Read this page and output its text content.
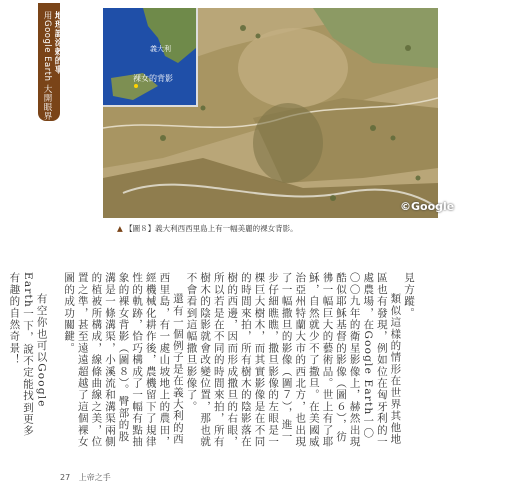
地理謎涂敕的事：
用Google Earth 大開眼界	義大利
裸女的背影
©Google
▲ 【圖８】義大利西西里島上有一幅美麗的裸女背影。

見方蹤。

類似這樣的情形在世界其他地區也有發現，例如位在匈牙利的一處農場，在Google Earth一〇〇〇九年的衛星影像上，赫然出現酷似耶穌基督的影像（圖６），彷彿一幅巨大的藝術品。世上有了耶穌，自然就少不了撒旦。在美國威治亞州特蘭大市的西北方，也出現了一幅撒旦的影像（圖７），進一步仔細瞧瞧，撒旦影像的左眼是一棵巨大樹木，而其實影像是在不同的時間來拍，所有樹木的陰影落在樹的西邊，因而形成撒旦的右眼，所以若是在不同的時間來拍，所有樹木的陰影就會改變位置，那也就不會看到這幅撒旦影像了。

還有一個例子是在義大利的西西里島，有一處山坡地上的農田，經機械化耕作後，農機留下了規律性的軌跡，恰巧構成了一幅有點抽象的裸女背影（圖８）。臀部的股溝是一條溝渠，小溪流和溝渠兩側的植被所構成，線條曲線之美，位置之準，甚至遠遠超越了這個裸女圖的成功關鍵。

有空你也可以Google Earth一下，說不定能找到更多有趣的自然奇景！

27 上帝之手
